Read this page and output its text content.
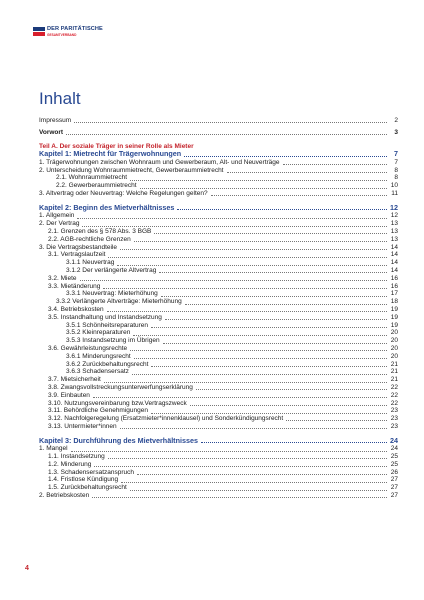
DER PARITÄTISCHE
GESAMTVERBAND
Inhalt
Impressum	2
Vorwort	3
Teil A. Der soziale Träger in seiner Rolle als Mieter
Kapitel 1: Mietrecht für Trägerwohnungen	7
1. Trägerwohnungen zwischen Wohnraum und Gewerberaum, Alt- und Neuverträge	7
2. Unterscheidung Wohnraummietrecht, Gewerberaummietrecht	8
2.1. Wohnraummietrecht	8
2.2. Gewerberaummietrecht	10
3. Altvertrag oder Neuvertrag: Welche Regelungen gelten?	11
Kapitel 2: Beginn des Mietverhältnisses	12
1. Allgemein	12
2. Der Vertrag	13
2.1. Grenzen des § 578 Abs. 3 BGB	13
2.2. AGB-rechtliche Grenzen	13
3. Die Vertragsbestandteile	14
3.1. Vertragslaufzeit	14
3.1.1 Neuvertrag	14
3.1.2 Der verlängerte Altvertrag	14
3.2. Miete	16
3.3. Mietänderung	16
3.3.1 Neuvertrag: Mieterhöhung	17
3.3.2 Verlängerte Altverträge: Mieterhöhung	18
3.4. Betriebskosten	19
3.5. Instandhaltung und Instandsetzung	19
3.5.1 Schönheitsreparaturen	19
3.5.2 Kleinreparaturen	20
3.5.3 Instandsetzung im Übrigen	20
3.6. Gewährleistungsrechte	20
3.6.1 Minderungsrecht	20
3.6.2 Zurückbehaltungsrecht	21
3.6.3 Schadensersatz	21
3.7. Mietsicherheit	21
3.8. Zwangsvollstreckungsunterwerfungserklärung	22
3.9. Einbauten	22
3.10. Nutzungsvereinbarung bzw.Vertragszweck	22
3.11. Behördliche Genehmigungen	23
3.12. Nachfolgeregelung (Ersatzmieter*innenklausel) und Sonderkündigungsrecht	23
3.13. Untermieter*innen	23
Kapitel 3: Durchführung des Mietverhältnisses	24
1. Mangel	24
1.1. Instandsetzung	25
1.2. Minderung	25
1.3. Schadensersatzanspruch	26
1.4. Fristlose Kündigung	27
1.5. Zurückbehaltungsrecht	27
2. Betriebskosten	27
4
